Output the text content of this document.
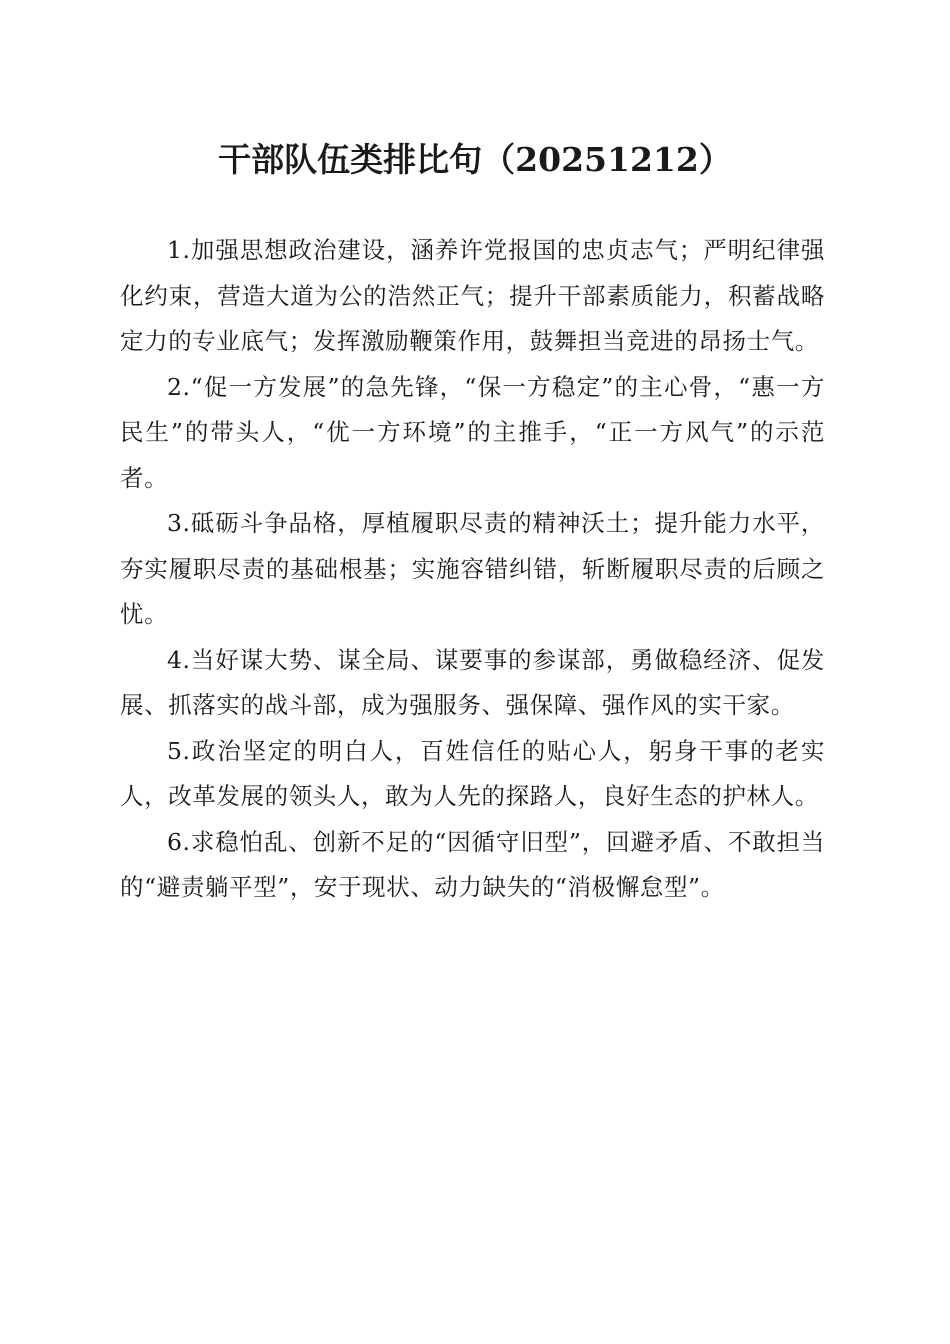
干部队伍类排比句（20251212）

1.加强思想政治建设，涵养许党报国的忠贞志气；严明纪律强化约束，营造大道为公的浩然正气；提升干部素质能力，积蓄战略定力的专业底气；发挥激励鞭策作用，鼓舞担当竞进的昂扬士气。

2.“促一方发展”的急先锋，“保一方稳定”的主心骨，“惠一方民生”的带头人，“优一方环境”的主推手，“正一方风气”的示范者。

3.砥砺斗争品格，厚植履职尽责的精神沃土；提升能力水平，夯实履职尽责的基础根基；实施容错纠错，斩断履职尽责的后顾之忧。

4.当好谋大势、谋全局、谋要事的参谋部，勇做稳经济、促发展、抓落实的战斗部，成为强服务、强保障、强作风的实干家。

5.政治坚定的明白人，百姓信任的贴心人，躬身干事的老实人，改革发展的领头人，敢为人先的探路人，良好生态的护林人。

6.求稳怕乱、创新不足的“因循守旧型”，回避矛盾、不敢担当的“避责躺平型”，安于现状、动力缺失的“消极懈怠型”。
